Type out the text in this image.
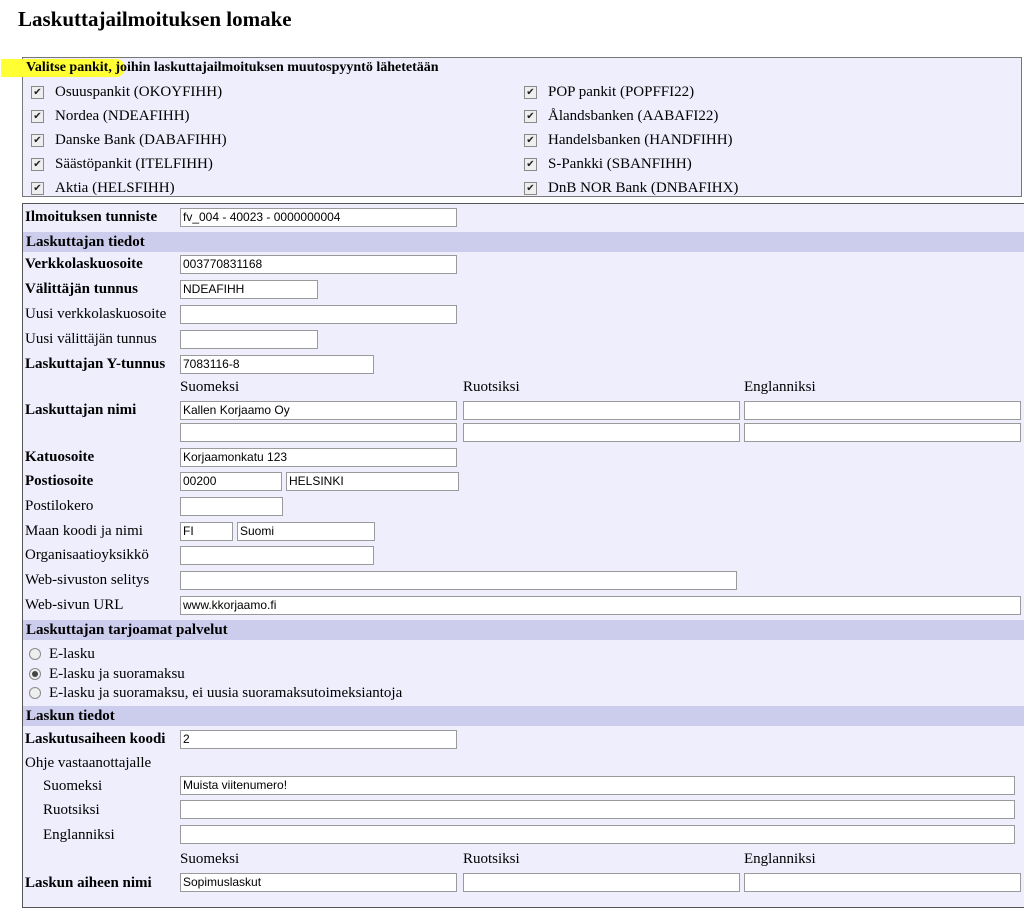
Laskuttajailmoituksen lomake
Valitse pankit, joihin laskuttajailmoituksen muutospyyntö lähetetään
✔ Osuuspankit (OKOYFIHH)
✔ Nordea (NDEAFIHH)
✔ Danske Bank (DABAFIHH)
✔ Säästöpankit (ITELFIHH)
✔ Aktia (HELSFIHH)
✔ POP pankit (POPFFI22)
✔ Ålandsbanken (AABAFI22)
✔ Handelsbanken (HANDFIHH)
✔ S-Pankki (SBANFIHH)
✔ DnB NOR Bank (DNBAFIHX)
Ilmoituksen tunniste fv_004 - 40023 - 0000000004
Laskuttajan tiedot
Verkkolaskuosoite	003770831168
Välittäjän tunnus	NDEAFIHH
Uusi verkkolaskuosoite
Uusi välittäjän tunnus
Laskuttajan Y-tunnus 7083116-8
Suomeksi	Ruotsiksi	Englanniksi
Laskuttajan nimi	Kallen Korjaamo Oy
Katuosoite	Korjaamonkatu 123
Postiosoite	00200	HELSINKI
Postilokero
Maan koodi ja nimi	FI	Suomi
Organisaatioyksikkö
Web-sivuston selitys
Web-sivun URL	www.kkorjaamo.fi
Laskuttajan tarjoamat palvelut
E-lasku
E-lasku ja suoramaksu
E-lasku ja suoramaksu, ei uusia suoramaksutoimeksiantoja
Laskun tiedot
Laskutusaiheen koodi 2
Ohje vastaanottajalle
Suomeksi	Muista viitenumero!
Ruotsiksi
Englanniksi
Suomeksi	Ruotsiksi	Englanniksi
Laskun aiheen nimi	Sopimuslaskut
